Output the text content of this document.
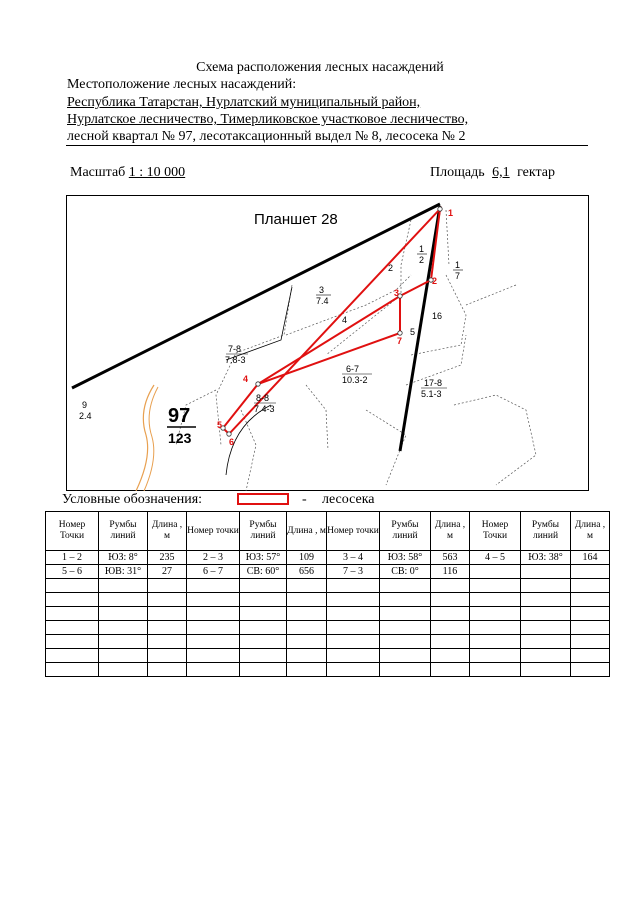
Схема расположения лесных насаждений
Местоположение лесных насаждений:
Республика Татарстан, Нурлатский муниципальный район,
Нурлатское лесничество, Тимерликовское участковое лесничество,
лесной квартал № 97, лесотаксационный выдел № 8, лесосека № 2
Масштаб 1 : 10 000	Площадь 6,1 гектар
1
2
3
4
5
6
7
Планшет 28
97
123
3
7.4
7-8
7.8-3
6-7
10.3-2
8-8
7.4-3
17-8
5.1-3
9
2.4
1
2	1
7
2
4
5
16
Условные обозначения:	- лесосека
Номер Точки	Румбы линий	Длина , м	Номер точки	Румбы линий	Длина , м	Номер точки	Румбы линий	Длина , м	Номер Точки	Румбы линий	Длина , м
1 – 2	ЮЗ: 8°	235	2 – 3	ЮЗ: 57°	109	3 – 4	ЮЗ: 58°	563	4 – 5	ЮЗ: 38°	164
5 – 6	ЮВ: 31°	27	6 – 7	СВ: 60°	656	7 – 3	СВ: 0°	116			
